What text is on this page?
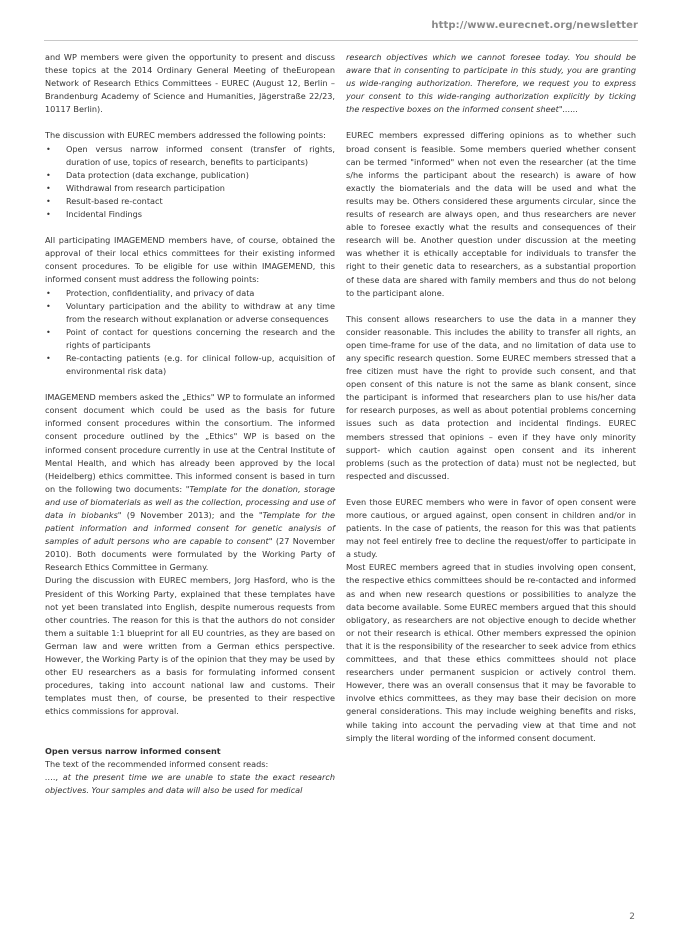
http://www.eurecnet.org/newsletter

and WP members were given the opportunity to present and discuss these topics at the 2014 Ordinary General Meeting of theEuropean Network of Research Ethics Committees - EUREC (August 12, Berlin – Brandenburg Academy of Science and Humanities, Jägerstraße 22/23, 10117 Berlin).

The discussion with EUREC members addressed the following points:

• Open versus narrow informed consent (transfer of rights, duration of use, topics of research, benefits to participants)
• Data protection (data exchange, publication)
• Withdrawal from research participation
• Result-based re-contact
• Incidental Findings

All participating IMAGEMEND members have, of course, obtained the approval of their local ethics committees for their existing informed consent procedures. To be eligible for use within IMAGEMEND, this informed consent must address the following points:

• Protection, confidentiality, and privacy of data
• Voluntary participation and the ability to withdraw at any time from the research without explanation or adverse consequences
• Point of contact for questions concerning the research and the rights of participants
• Re-contacting patients (e.g. for clinical follow-up, acquisition of environmental risk data)

IMAGEMEND members asked the „Ethics" WP to formulate an informed consent document which could be used as the basis for future informed consent procedures within the consortium. The informed consent procedure outlined by the „Ethics" WP is based on the informed consent procedure currently in use at the Central Institute of Mental Health, and which has already been approved by the local (Heidelberg) ethics committee. This informed consent is based in turn on the following two documents: "Template for the donation, storage and use of biomaterials as well as the collection, processing and use of data in biobanks" (9 November 2013); and the "Template for the patient information and informed consent for genetic analysis of samples of adult persons who are capable to consent" (27 November 2010). Both documents were formulated by the Working Party of Research Ethics Committee in Germany.

During the discussion with EUREC members, Jorg Hasford, who is the President of this Working Party, explained that these templates have not yet been translated into English, despite numerous requests from other countries. The reason for this is that the authors do not consider them a suitable 1:1 blueprint for all EU countries, as they are based on German law and were written from a German ethics perspective. However, the Working Party is of the opinion that they may be used by other EU researchers as a basis for formulating informed consent procedures, taking into account national law and customs. Their templates must then, of course, be presented to their respective ethics commissions for approval.

Open versus narrow informed consent

The text of the recommended informed consent reads:

…., at the present time we are unable to state the exact research objectives. Your samples and data will also be used for medical

research objectives which we cannot foresee today. You should be aware that in consenting to participate in this study, you are granting us wide-ranging authorization. Therefore, we request you to express your consent to this wide-ranging authorization explicitly by ticking the respective boxes on the informed consent sheet"......

EUREC members expressed differing opinions as to whether such broad consent is feasible. Some members queried whether consent can be termed "informed" when not even the researcher (at the time s/he informs the participant about the research) is aware of how exactly the biomaterials and the data will be used and what the results may be. Others considered these arguments circular, since the results of research are always open, and thus researchers are never able to foresee exactly what the results and consequences of their research will be. Another question under discussion at the meeting was whether it is ethically acceptable for individuals to transfer the right to their genetic data to researchers, as a substantial proportion of these data are shared with family members and thus do not belong to the participant alone.

This consent allows researchers to use the data in a manner they consider reasonable. This includes the ability to transfer all rights, an open time-frame for use of the data, and no limitation of data use to any specific research question. Some EUREC members stressed that a free citizen must have the right to provide such consent, and that open consent of this nature is not the same as blank consent, since the participant is informed that researchers plan to use his/her data for research purposes, as well as about potential problems concerning issues such as data protection and incidental findings. EUREC members stressed that opinions – even if they have only minority support- which caution against open consent and its inherent problems (such as the protection of data) must not be neglected, but respected and discussed.

Even those EUREC members who were in favor of open consent were more cautious, or argued against, open consent in children and/or in patients. In the case of patients, the reason for this was that patients may not feel entirely free to decline the request/offer to participate in a study.

Most EUREC members agreed that in studies involving open consent, the respective ethics committees should be re-contacted and informed as and when new research questions or possibilities to analyze the data become available. Some EUREC members argued that this should obligatory, as researchers are not objective enough to decide whether or not their research is ethical. Other members expressed the opinion that it is the responsibility of the researcher to seek advice from ethics committees, and that these ethics committees should not place researchers under permanent suspicion or actively control them. However, there was an overall consensus that it may be favorable to involve ethics committees, as they may base their decision on more general considerations. This may include weighing benefits and risks, while taking into account the pervading view at that time and not simply the literal wording of the informed consent document.

2
